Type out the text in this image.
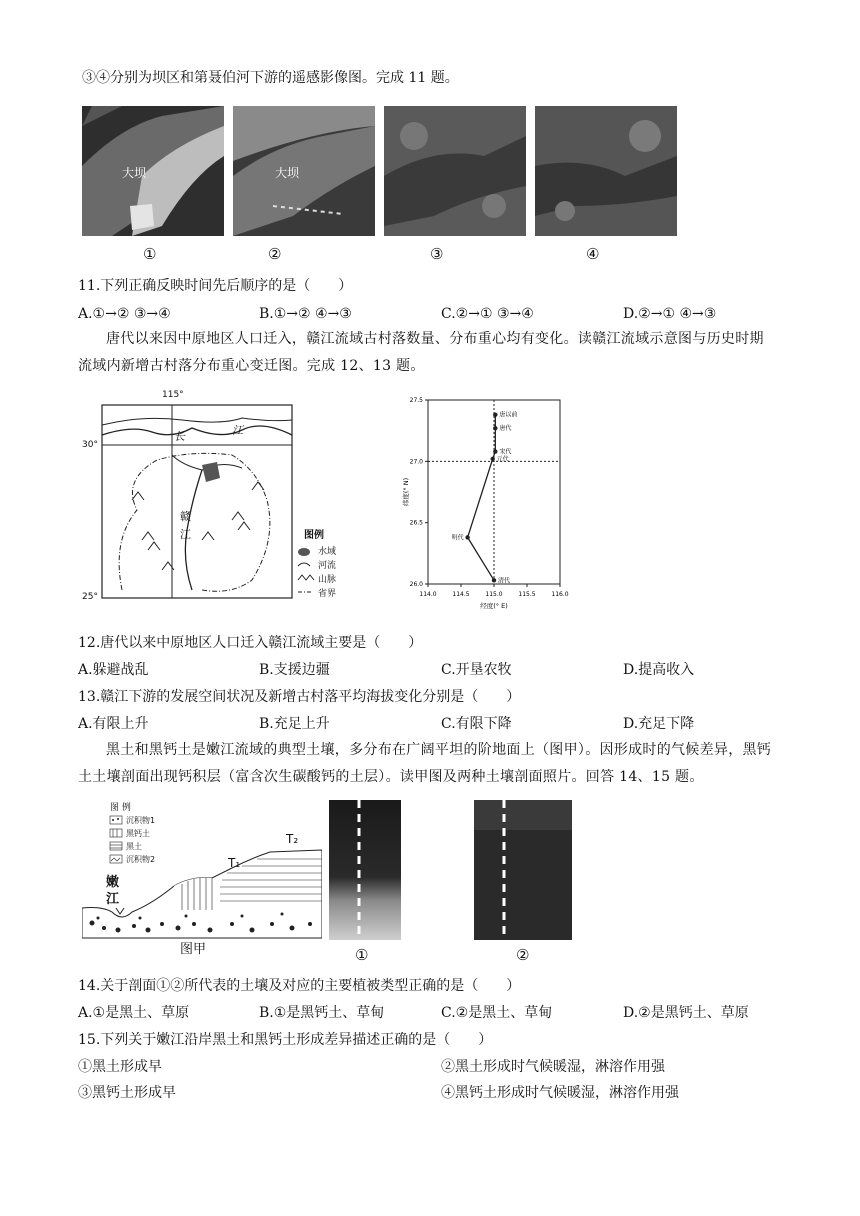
③④分别为坝区和第聂伯河下游的遥感影像图。完成 11 题。
大坝	大坝
①	②	③	④
11.下列正确反映时间先后顺序的是（　　）
A.①→② ③→④	B.①→② ④→③	C.②→① ③→④	D.②→① ④→③
唐代以来因中原地区人口迁入，赣江流域古村落数量、分布重心均有变化。读赣江流域示意图与历史时期流域内新增古村落分布重心变迁图。完成 12、13 题。
115°
30°
25°
长	江
赣
江	图例
水域
河流
山脉
省界	114.0	114.5	115.0	115.5	116.0
26.0
26.5
27.0
27.5
唐以前
唐代
宋代
元代
明代
清代
经度(° E)
纬度(° N)
12.唐代以来中原地区人口迁入赣江流域主要是（　　）
A.躲避战乱	B.支援边疆	C.开垦农牧	D.提高收入
13.赣江下游的发展空间状况及新增古村落平均海拔变化分别是（　　）
A.有限上升	B.充足上升	C.有限下降	D.充足下降
黑土和黑钙土是嫩江流域的典型土壤，多分布在广阔平坦的阶地面上（图甲）。因形成时的气候差异，黑钙土土壤剖面出现钙积层（富含次生碳酸钙的土层）。读甲图及两种土壤剖面照片。回答 14、15 题。
图 例
沉积物1
黑钙土
黑土
沉积物2
嫩
江
T₁
T₂
图甲	①	②
14.关于剖面①②所代表的土壤及对应的主要植被类型正确的是（　　）
A.①是黑土、草原	B.①是黑钙土、草甸	C.②是黑土、草甸	D.②是黑钙土、草原
15.下列关于嫩江沿岸黑土和黑钙土形成差异描述正确的是（　　）
①黑土形成早	②黑土形成时气候暖湿，淋溶作用强
③黑钙土形成早	④黑钙土形成时气候暖湿，淋溶作用强
